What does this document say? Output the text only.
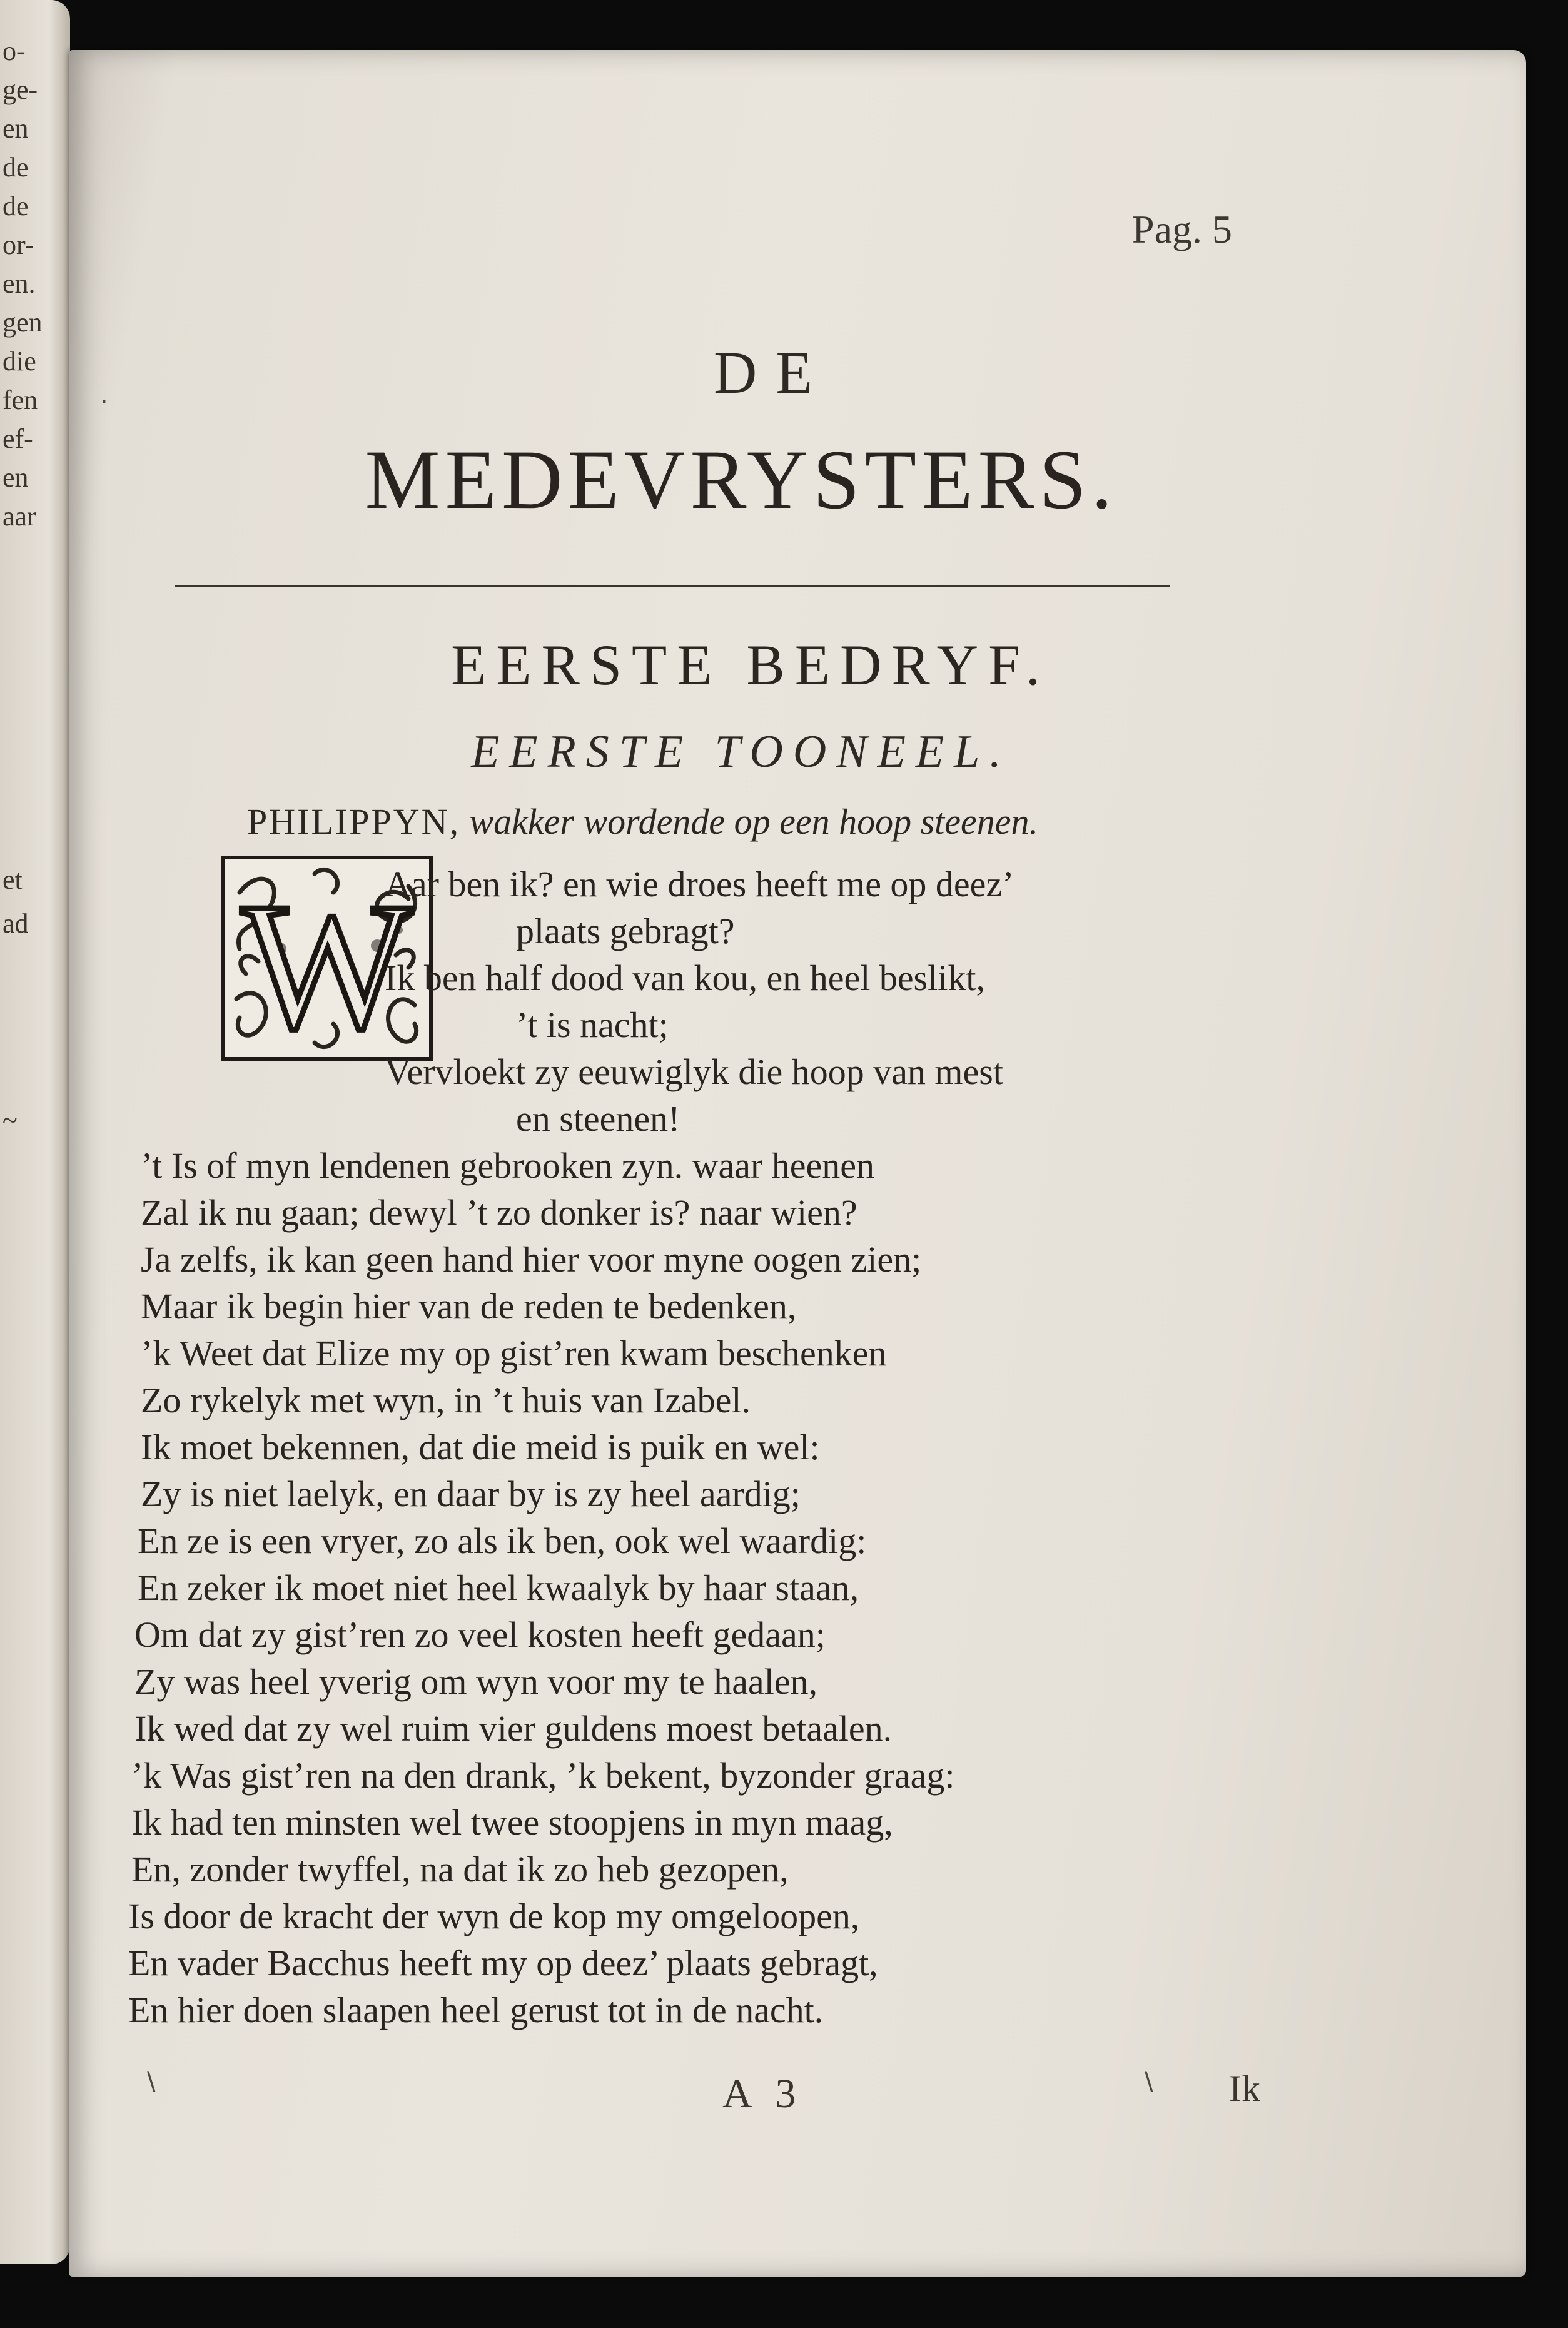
o-
ge-
en
de
de
or-
en.
gen
die
fen
ef-
en
aar
et
ad
~
Pag. 5
DE
MEDEVRYSTERS.
EERSTE BEDRYF.
EERSTE TOONEEL.
PHILIPPYN, wakker wordende op een hoop steenen.
W
Aar ben ik? en wie droes heeft me op deez’
plaats gebragt?
Ik ben half dood van kou, en heel beslikt,
’t is nacht;
Vervloekt zy eeuwiglyk die hoop van mest
en steenen!
’t Is of myn lendenen gebrooken zyn. waar heenen
Zal ik nu gaan; dewyl ’t zo donker is? naar wien?
Ja zelfs, ik kan geen hand hier voor myne oogen zien;
Maar ik begin hier van de reden te bedenken,
’k Weet dat Elize my op gist’ren kwam beschenken
Zo rykelyk met wyn, in ’t huis van Izabel.
Ik moet bekennen, dat die meid is puik en wel:
Zy is niet laelyk, en daar by is zy heel aardig;
En ze is een vryer, zo als ik ben, ook wel waardig:
En zeker ik moet niet heel kwaalyk by haar staan,
Om dat zy gist’ren zo veel kosten heeft gedaan;
Zy was heel yverig om wyn voor my te haalen,
Ik wed dat zy wel ruim vier guldens moest betaalen.
’k Was gist’ren na den drank, ’k bekent, byzonder graag:
Ik had ten minsten wel twee stoopjens in myn maag,
En, zonder twyffel, na dat ik zo heb gezopen,
Is door de kracht der wyn de kop my omgeloopen,
En vader Bacchus heeft my op deez’ plaats gebragt,
En hier doen slaapen heel gerust tot in de nacht.
A 3	Ik
\	\
·
